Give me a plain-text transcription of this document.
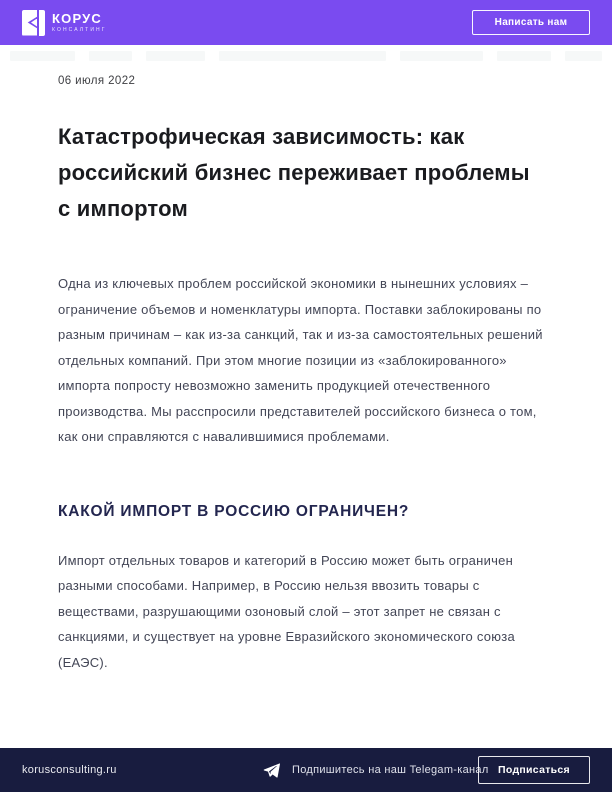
КОРУС
КОНСАЛТИНГ
Написать нам
06 июля 2022
Катастрофическая зависимость: как российский бизнес переживает проблемы с импортом

Одна из ключевых проблем российской экономики в нынешних условиях – ограничение объемов и номенклатуры импорта. Поставки заблокированы по разным причинам – как из-за санкций, так и из-за самостоятельных решений отдельных компаний. При этом многие позиции из «заблокированного» импорта попросту невозможно заменить продукцией отечественного производства. Мы расспросили представителей российского бизнеса о том, как они справляются с навалившимися проблемами.

КАКОЙ ИМПОРТ В РОССИЮ ОГРАНИЧЕН?

Импорт отдельных товаров и категорий в Россию может быть ограничен разными способами. Например, в Россию нельзя ввозить товары с веществами, разрушающими озоновый слой – этот запрет не связан с санкциями, и существует на уровне Евразийского экономического союза (ЕАЭС).

korusconsulting.ru	Подпишитесь на наш Telegam-канал Подписаться
